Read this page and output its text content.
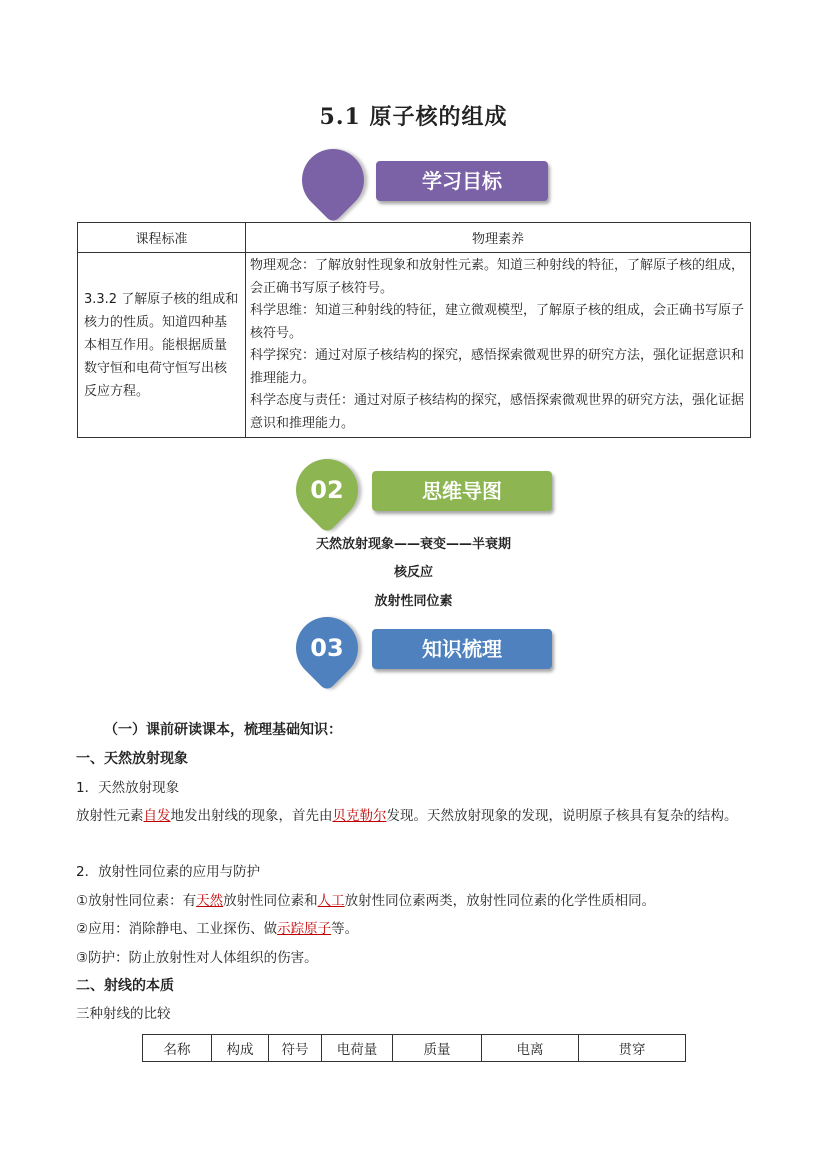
5.1 原子核的组成
学习目标
课程标准	物理素养
3.3.2 了解原子核的组成和核力的性质。知道四种基本相互作用。能根据质量数守恒和电荷守恒写出核反应方程。	物理观念：了解放射性现象和放射性元素。知道三种射线的特征，了解原子核的组成，会正确书写原子核符号。
科学思维：知道三种射线的特征，建立微观模型，了解原子核的组成，会正确书写原子核符号。
科学探究：通过对原子核结构的探究，感悟探索微观世界的研究方法，强化证据意识和推理能力。
科学态度与责任：通过对原子核结构的探究，感悟探索微观世界的研究方法，强化证据意识和推理能力。
02	思维导图
天然放射现象——衰变——半衰期
核反应
放射性同位素
03	知识梳理
（一）课前研读课本，梳理基础知识：
一、天然放射现象
1．天然放射现象
放射性元素自发地发出射线的现象，首先由贝克勒尔发现。天然放射现象的发现，说明原子核具有复杂的结构。
2．放射性同位素的应用与防护
①放射性同位素：有天然放射性同位素和人工放射性同位素两类，放射性同位素的化学性质相同。
②应用：消除静电、工业探伤、做示踪原子等。
③防护：防止放射性对人体组织的伤害。
二、射线的本质
三种射线的比较
名称	构成	符号	电荷量	质量	电离	贯穿
